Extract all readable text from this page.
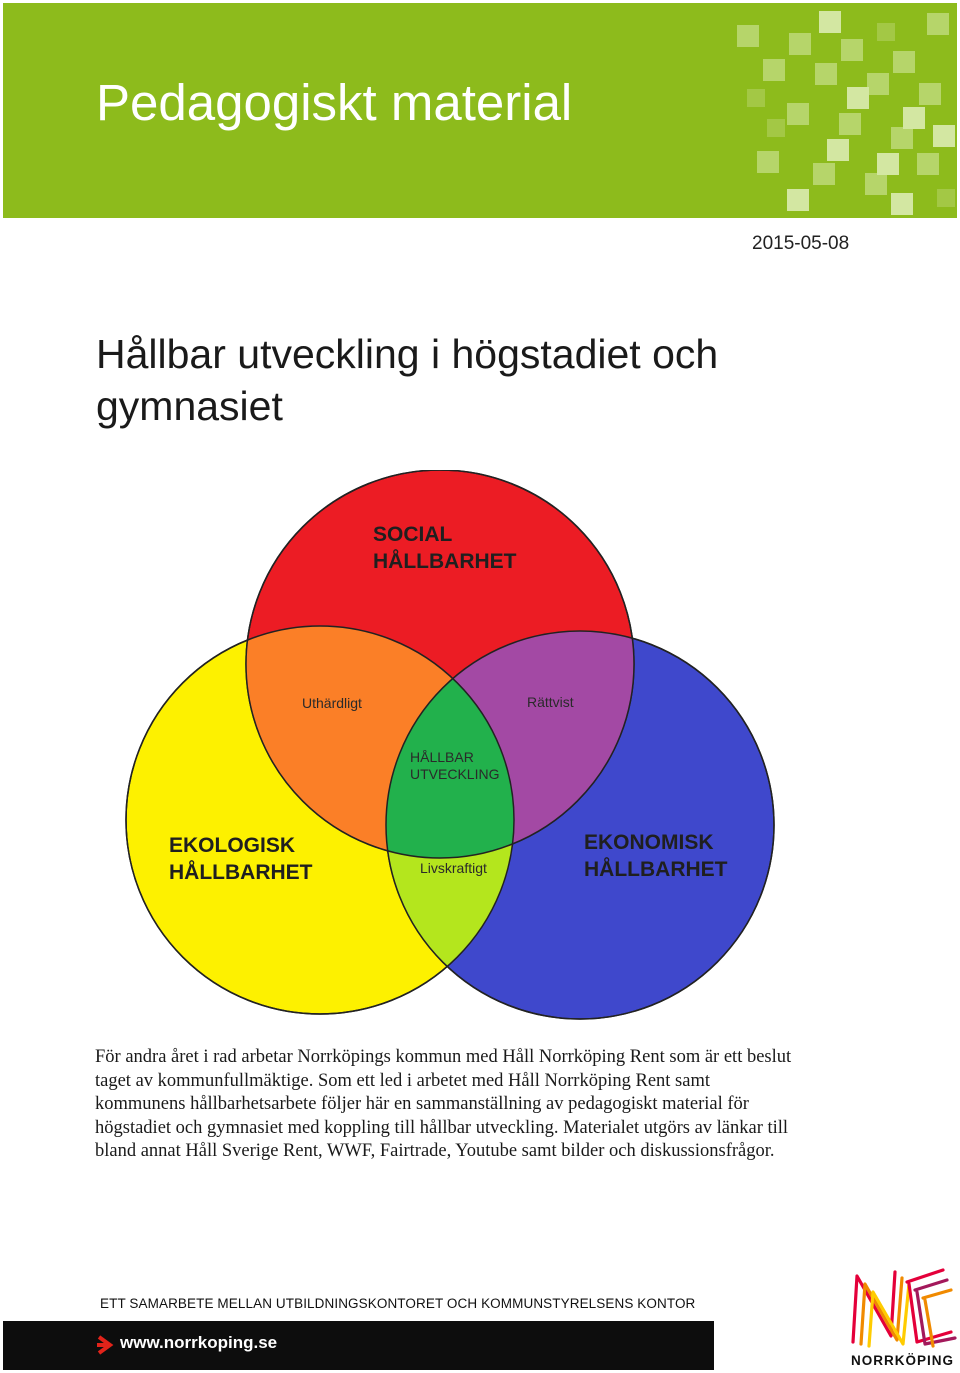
Pedagogiskt material
2015-05-08
Hållbar utveckling i högstadiet och gymnasiet
SOCIAL
HÅLLBARHET
EKOLOGISK
HÅLLBARHET
EKONOMISK
HÅLLBARHET
Uthärdligt	Rättvist
Livskraftigt
HÅLLBAR
UTVECKLING

För andra året i rad arbetar Norrköpings kommun med Håll Norrköping Rent som är ett beslut taget av kommunfullmäktige. Som ett led i arbetet med Håll Norrköping Rent samt kommunens hållbarhetsarbete följer här en sammanställning av pedagogiskt material för högstadiet och gymnasiet med koppling till hållbar utveckling. Materialet utgörs av länkar till bland annat Håll Sverige Rent, WWF, Fairtrade, Youtube samt bilder och diskussionsfrågor.

ETT SAMARBETE MELLAN UTBILDNINGSKONTORET OCH KOMMUNSTYRELSENS KONTOR
www.norrkoping.se
NORRKÖPING
